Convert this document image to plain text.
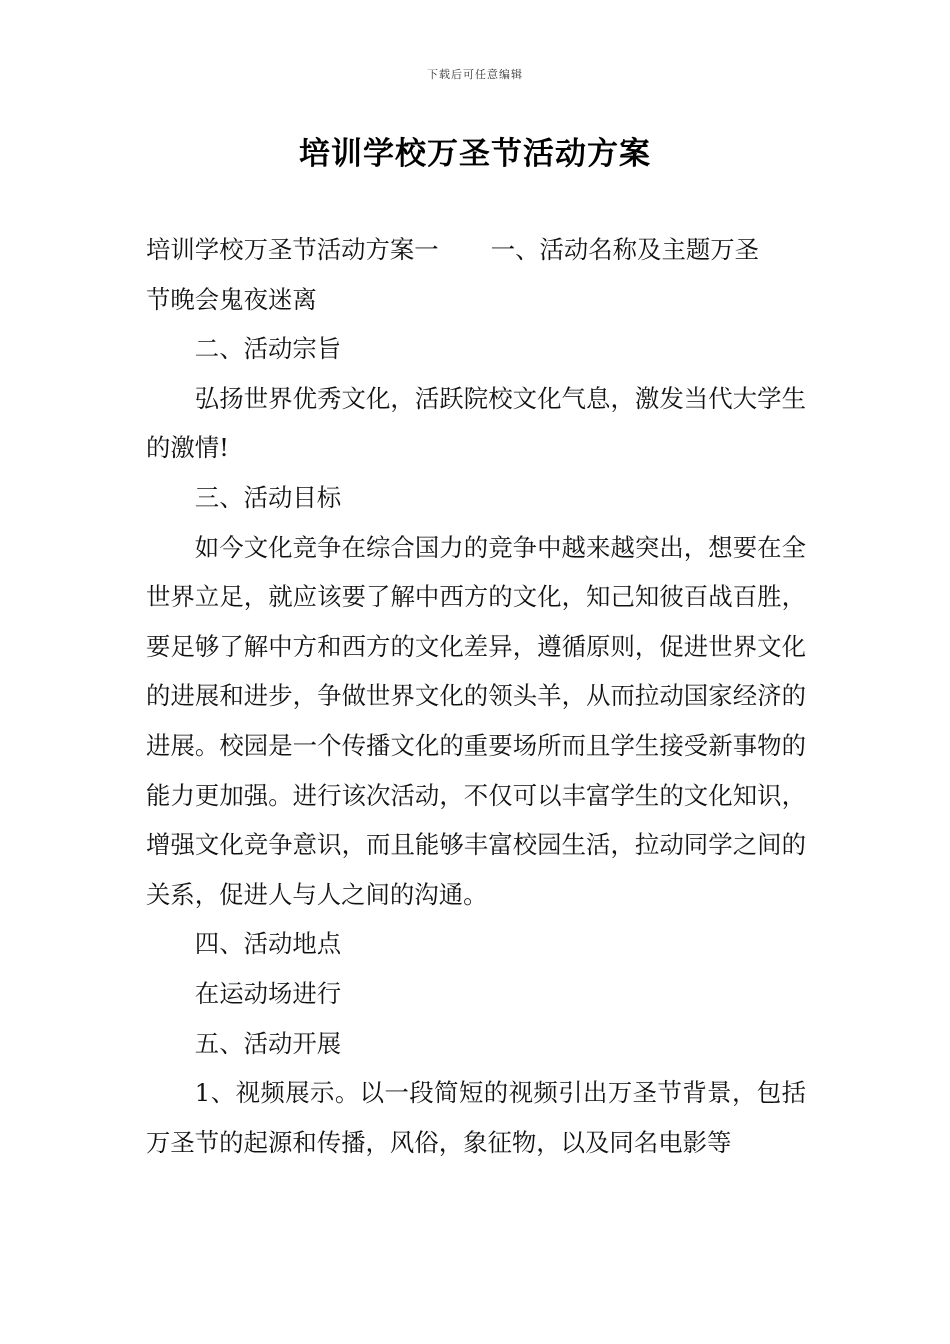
下载后可任意编辑
培训学校万圣节活动方案

培训学校万圣节活动方案一 一、活动名称及主题万圣

节晚会鬼夜迷离

二、活动宗旨

弘扬世界优秀文化，活跃院校文化气息，激发当代大学生的激情!

三、活动目标

如今文化竞争在综合国力的竞争中越来越突出，想要在全世界立足，就应该要了解中西方的文化，知己知彼百战百胜，要足够了解中方和西方的文化差异，遵循原则，促进世界文化的进展和进步，争做世界文化的领头羊，从而拉动国家经济的进展。校园是一个传播文化的重要场所而且学生接受新事物的能力更加强。进行该次活动，不仅可以丰富学生的文化知识，增强文化竞争意识，而且能够丰富校园生活，拉动同学之间的关系，促进人与人之间的沟通。

四、活动地点

在运动场进行

五、活动开展

1、视频展示。以一段简短的视频引出万圣节背景，包括万圣节的起源和传播，风俗，象征物，以及同名电影等
